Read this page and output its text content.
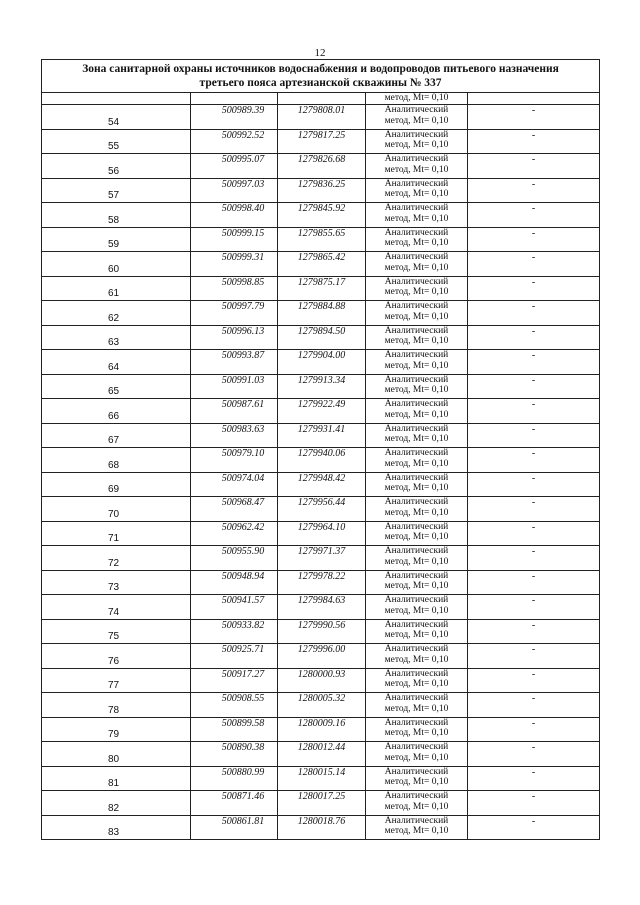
12
Зона санитарной охраны источников водоснабжения и водопроводов питьевого назначения
третьего пояса артезианской скважины № 337				

			метод, Mt= 0,10	

54	500989.39	1279808.01	Аналитический
метод, Mt= 0,10	-

55	500992.52	1279817.25	Аналитический
метод, Mt= 0,10	-

56	500995.07	1279826.68	Аналитический
метод, Mt= 0,10	-

57	500997.03	1279836.25	Аналитический
метод, Mt= 0,10	-

58	500998.40	1279845.92	Аналитический
метод, Mt= 0,10	-

59	500999.15	1279855.65	Аналитический
метод, Mt= 0,10	-

60	500999.31	1279865.42	Аналитический
метод, Mt= 0,10	-

61	500998.85	1279875.17	Аналитический
метод, Mt= 0,10	-

62	500997.79	1279884.88	Аналитический
метод, Mt= 0,10	-

63	500996.13	1279894.50	Аналитический
метод, Mt= 0,10	-

64	500993.87	1279904.00	Аналитический
метод, Mt= 0,10	-

65	500991.03	1279913.34	Аналитический
метод, Mt= 0,10	-

66	500987.61	1279922.49	Аналитический
метод, Mt= 0,10	-

67	500983.63	1279931.41	Аналитический
метод, Mt= 0,10	-

68	500979.10	1279940.06	Аналитический
метод, Mt= 0,10	-

69	500974.04	1279948.42	Аналитический
метод, Mt= 0,10	-

70	500968.47	1279956.44	Аналитический
метод, Mt= 0,10	-

71	500962.42	1279964.10	Аналитический
метод, Mt= 0,10	-

72	500955.90	1279971.37	Аналитический
метод, Mt= 0,10	-

73	500948.94	1279978.22	Аналитический
метод, Mt= 0,10	-

74	500941.57	1279984.63	Аналитический
метод, Mt= 0,10	-

75	500933.82	1279990.56	Аналитический
метод, Mt= 0,10	-

76	500925.71	1279996.00	Аналитический
метод, Mt= 0,10	-

77	500917.27	1280000.93	Аналитический
метод, Mt= 0,10	-

78	500908.55	1280005.32	Аналитический
метод, Mt= 0,10	-

79	500899.58	1280009.16	Аналитический
метод, Mt= 0,10	-

80	500890.38	1280012.44	Аналитический
метод, Mt= 0,10	-

81	500880.99	1280015.14	Аналитический
метод, Mt= 0,10	-

82	500871.46	1280017.25	Аналитический
метод, Mt= 0,10	-

83	500861.81	1280018.76	Аналитический
метод, Mt= 0,10	-
